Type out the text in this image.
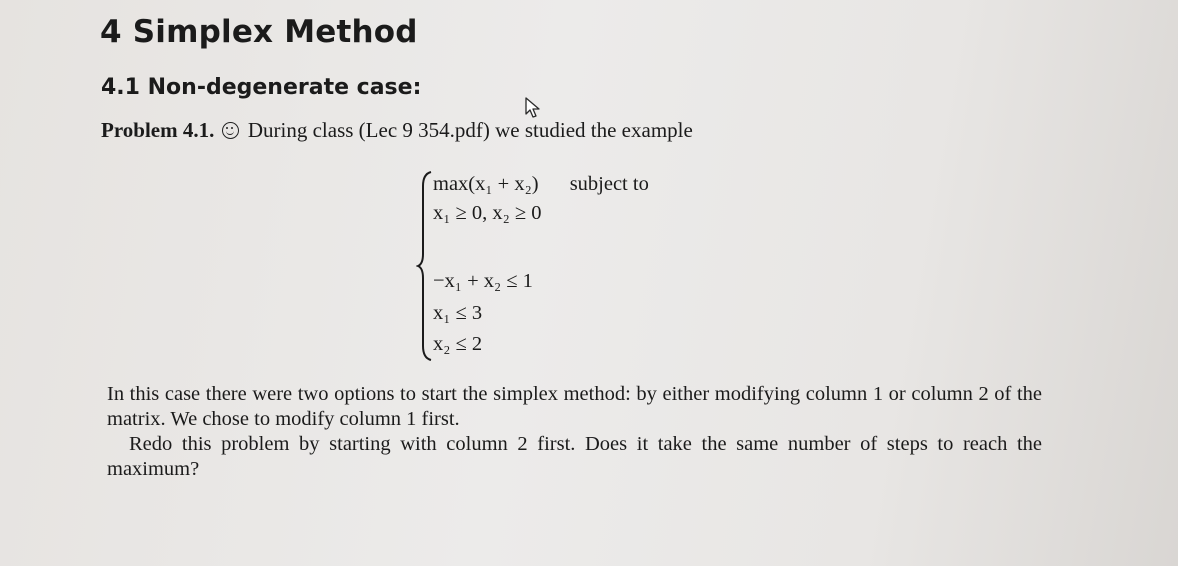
4 Simplex Method
4.1 Non-degenerate case:
Problem 4.1. During class (Lec 9 354.pdf) we studied the example
max(x₁ + x₂) subject to
x₁ ≥ 0, x₂ ≥ 0
−x₁ + x₂ ≤ 1
x₁ ≤ 3
x₂ ≤ 2

In this case there were two options to start the simplex method: by either modifying column 1 or column 2 of the matrix. We chose to modify column 1 first.

Redo this problem by starting with column 2 first. Does it take the same number of steps to reach the maximum?
